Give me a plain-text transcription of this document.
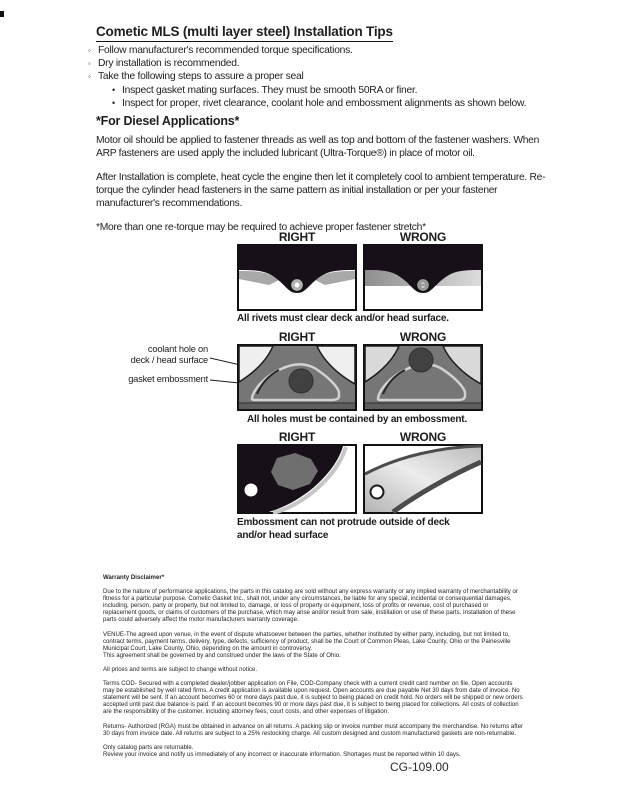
Cometic MLS (multi layer steel) Installation Tips
◦ Follow manufacturer's recommended torque specifications.
◦ Dry installation is recommended.
◦ Take the following steps to assure a proper seal
• Inspect gasket mating surfaces. They must be smooth 50RA or finer.
• Inspect for proper, rivet clearance, coolant hole and embossment alignments as shown below.
*For Diesel Applications*

Motor oil should be applied to fastener threads as well as top and bottom of the fastener washers. When ARP fasteners are used apply the included lubricant (Ultra-Torque®) in place of motor oil.

After Installation is complete, heat cycle the engine then let it completely cool to ambient temperature. Re-torque the cylinder head fasteners in the same pattern as initial installation or per your fastener manufacturer's recommendations.

*More than one re-torque may be required to achieve proper fastener stretch*

RIGHT	WRONG
All rivets must clear deck and/or head surface.
RIGHT	WRONG
coolant hole on
deck / head surface
gasket embossment
All holes must be contained by an embossment.
RIGHT	WRONG
Embossment can not protrude outside of deck
and/or head surface

Warranty Disclaimer*

Due to the nature of performance applications, the parts in this catalog are sold without any express warranty or any implied warranty of merchantability or fitness for a particular purpose. Cometic Gasket Inc., shall not, under any circumstances, be liable for any special, incidental or consequential damages, including, person, party or property, but not limited to, damage, or loss of property or equipment, loss of profits or revenue, cost of purchased or replacement goods, or claims of customers of the purchase, which may arise and/or result from sale, instillation or use of these parts. Installation of these parts could adversely affect the motor manufacturers warranty coverage.

VENUE-The agreed upon venue, in the event of dispute whatsoever between the parties, whether instituted by either party, including, but not limited to, contract terms, payment terms, delivery, type, defects, sufficiency of product, shall be the Court of Common Pleas, Lake County, Ohio or the Painesville Municipal Court, Lake County, Ohio, depending on the amount in controversy.

This agreement shall be governed by and construed under the laws of the State of Ohio.

All prices and terms are subject to change without notice.

Terms COD- Secured with a completed dealer/jobber application on File, COD-Company check with a current credit card number on file. Open accounts may be established by well rated firms. A credit application is available upon request. Open accounts are due payable Net 30 days from date of invoice. No statement will be sent. If an account becomes 60 or more days past due, it is subject to being placed on credit hold. No orders will be shipped or new orders accepted until past due balance is paid. If an account becomes 90 or more days past due, it is subject to being placed for collections. All costs of collection are the responsibility of the customer, including attorney fees, court costs, and other expenses of litigation.

Returns- Authorized (RGA) must be obtained in advance on all returns. A packing slip or invoice number must accompany the merchandise. No returns after 30 days from invoice date. All returns are subject to a 25% restocking charge. All custom designed and custom manufactured gaskets are non-returnable.

Only catalog parts are returnable.

Review your invoice and notify us immediately of any incorrect or inaccurate information. Shortages must be reported within 10 days.

CG-109.00
